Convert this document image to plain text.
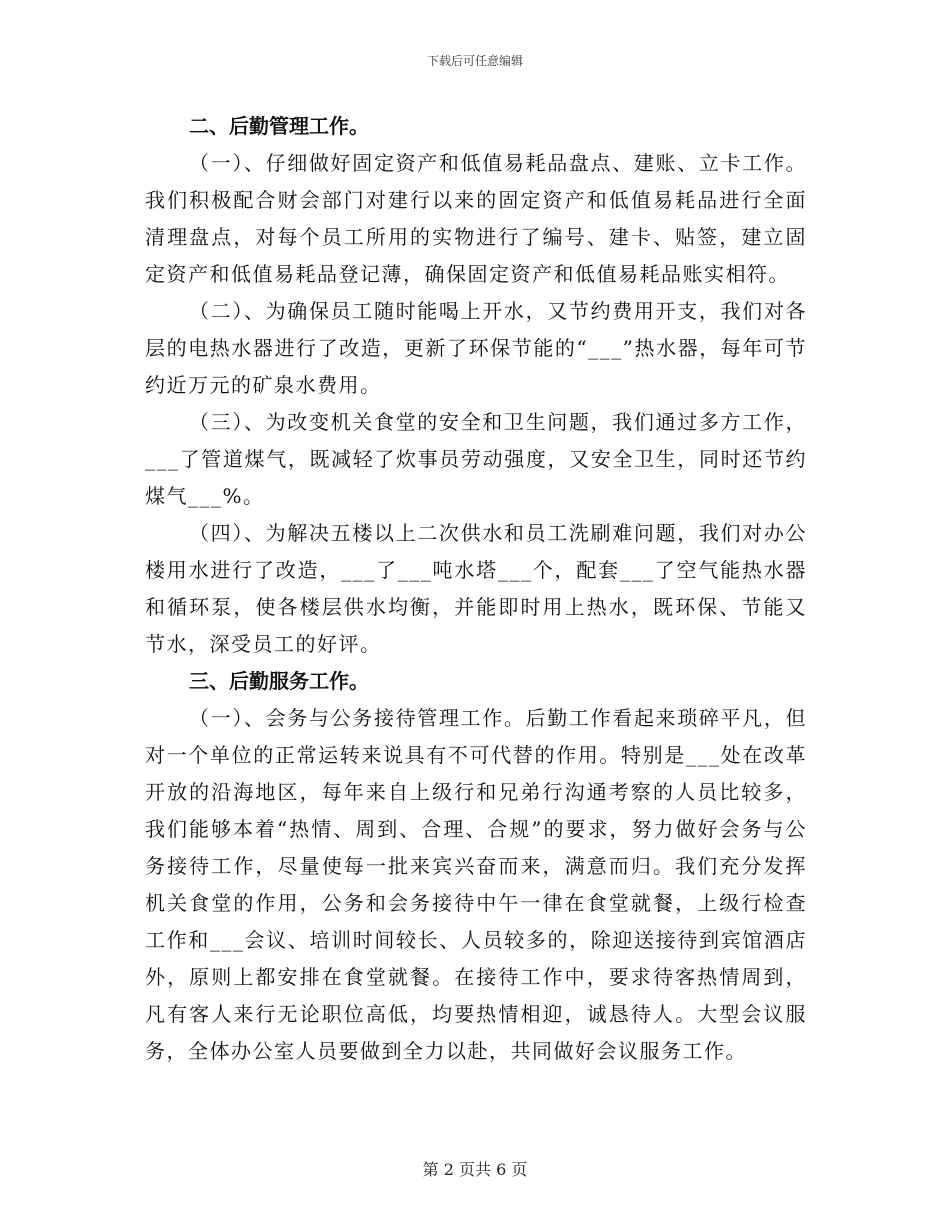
下载后可任意编辑

二、后勤管理工作。

（一）、仔细做好固定资产和低值易耗品盘点、建账、立卡工作。我们积极配合财会部门对建行以来的固定资产和低值易耗品进行全面清理盘点，对每个员工所用的实物进行了编号、建卡、贴签，建立固定资产和低值易耗品登记薄，确保固定资产和低值易耗品账实相符。

（二）、为确保员工随时能喝上开水，又节约费用开支，我们对各层的电热水器进行了改造，更新了环保节能的“___”热水器，每年可节约近万元的矿泉水费用。

（三）、为改变机关食堂的安全和卫生问题，我们通过多方工作，___了管道煤气，既减轻了炊事员劳动强度，又安全卫生，同时还节约煤气___%。

（四）、为解决五楼以上二次供水和员工洗刷难问题，我们对办公楼用水进行了改造，___了___吨水塔___个，配套___了空气能热水器和循环泵，使各楼层供水均衡，并能即时用上热水，既环保、节能又节水，深受员工的好评。

三、后勤服务工作。

（一）、会务与公务接待管理工作。后勤工作看起来琐碎平凡，但对一个单位的正常运转来说具有不可代替的作用。特别是___处在改革开放的沿海地区，每年来自上级行和兄弟行沟通考察的人员比较多，我们能够本着“热情、周到、合理、合规”的要求，努力做好会务与公务接待工作，尽量使每一批来宾兴奋而来，满意而归。我们充分发挥机关食堂的作用，公务和会务接待中午一律在食堂就餐，上级行检查工作和___会议、培训时间较长、人员较多的，除迎送接待到宾馆酒店外，原则上都安排在食堂就餐。在接待工作中，要求待客热情周到，凡有客人来行无论职位高低，均要热情相迎，诚恳待人。大型会议服务，全体办公室人员要做到全力以赴，共同做好会议服务工作。

第 2 页共 6 页
